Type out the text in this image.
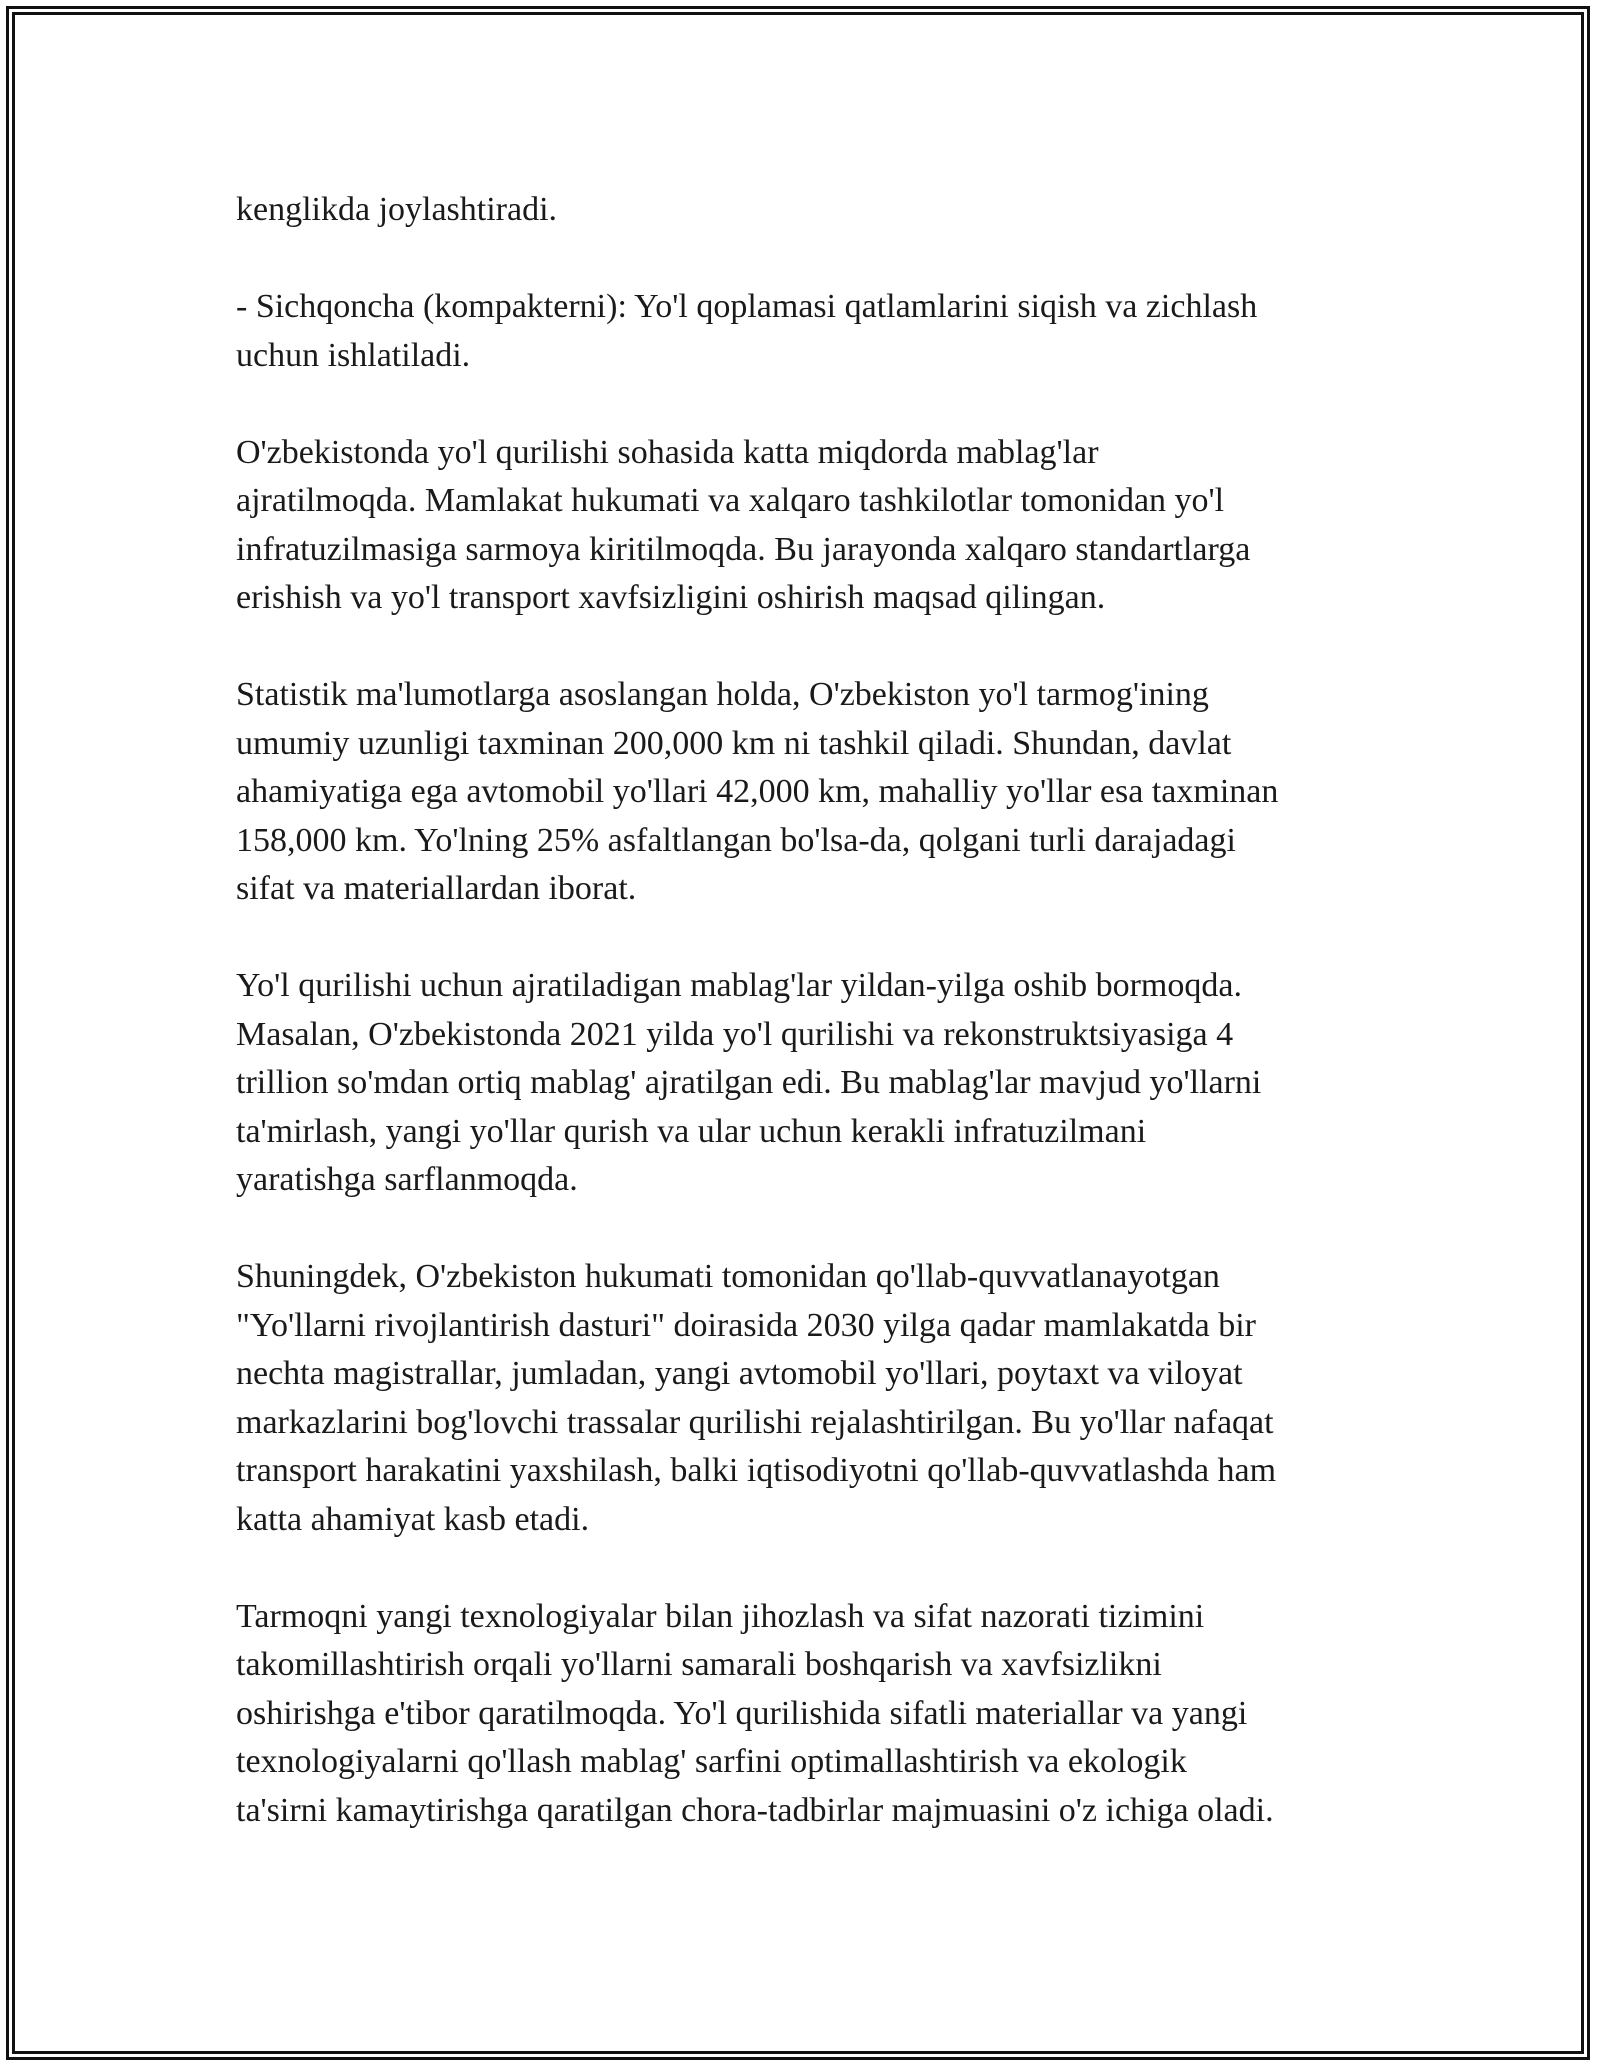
kenglikda joylashtiradi.

- Sichqoncha (kompakterni): Yo'l qoplamasi qatlamlarini siqish va zichlash
uchun ishlatiladi.

O'zbekistonda yo'l qurilishi sohasida katta miqdorda mablag'lar
ajratilmoqda. Mamlakat hukumati va xalqaro tashkilotlar tomonidan yo'l
infratuzilmasiga sarmoya kiritilmoqda. Bu jarayonda xalqaro standartlarga
erishish va yo'l transport xavfsizligini oshirish maqsad qilingan.

Statistik ma'lumotlarga asoslangan holda, O'zbekiston yo'l tarmog'ining
umumiy uzunligi taxminan 200,000 km ni tashkil qiladi. Shundan, davlat
ahamiyatiga ega avtomobil yo'llari 42,000 km, mahalliy yo'llar esa taxminan
158,000 km. Yo'lning 25% asfaltlangan bo'lsa-da, qolgani turli darajadagi
sifat va materiallardan iborat.

Yo'l qurilishi uchun ajratiladigan mablag'lar yildan-yilga oshib bormoqda.
Masalan, O'zbekistonda 2021 yilda yo'l qurilishi va rekonstruktsiyasiga 4
trillion so'mdan ortiq mablag' ajratilgan edi. Bu mablag'lar mavjud yo'llarni
ta'mirlash, yangi yo'llar qurish va ular uchun kerakli infratuzilmani
yaratishga sarflanmoqda.

Shuningdek, O'zbekiston hukumati tomonidan qo'llab-quvvatlanayotgan
"Yo'llarni rivojlantirish dasturi" doirasida 2030 yilga qadar mamlakatda bir
nechta magistrallar, jumladan, yangi avtomobil yo'llari, poytaxt va viloyat
markazlarini bog'lovchi trassalar qurilishi rejalashtirilgan. Bu yo'llar nafaqat
transport harakatini yaxshilash, balki iqtisodiyotni qo'llab-quvvatlashda ham
katta ahamiyat kasb etadi.

Tarmoqni yangi texnologiyalar bilan jihozlash va sifat nazorati tizimini
takomillashtirish orqali yo'llarni samarali boshqarish va xavfsizlikni
oshirishga e'tibor qaratilmoqda. Yo'l qurilishida sifatli materiallar va yangi
texnologiyalarni qo'llash mablag' sarfini optimallashtirish va ekologik
ta'sirni kamaytirishga qaratilgan chora-tadbirlar majmuasini o'z ichiga oladi.
